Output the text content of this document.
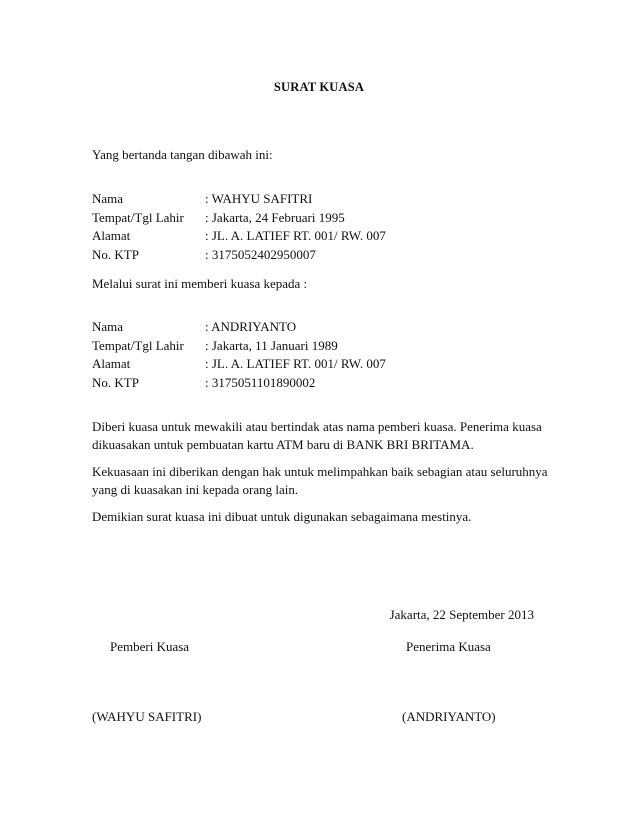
SURAT KUASA
Yang bertanda tangan dibawah ini:
Nama	: WAHYU SAFITRI
Tempat/Tgl Lahir	: Jakarta, 24 Februari 1995
Alamat	: JL. A. LATIEF RT. 001/ RW. 007
No. KTP	: 3175052402950007
Melalui surat ini memberi kuasa kepada :
Nama	: ANDRIYANTO
Tempat/Tgl Lahir	: Jakarta, 11 Januari 1989
Alamat	: JL. A. LATIEF RT. 001/ RW. 007
No. KTP	: 3175051101890002
Diberi kuasa untuk mewakili atau bertindak atas nama pemberi kuasa. Penerima kuasa dikuasakan untuk pembuatan kartu ATM baru di BANK BRI BRITAMA.
Kekuasaan ini diberikan dengan hak untuk melimpahkan baik sebagian atau seluruhnya yang di kuasakan ini kepada orang lain.
Demikian surat kuasa ini dibuat untuk digunakan sebagaimana mestinya.
Jakarta, 22 September 2013
Pemberi Kuasa	Penerima Kuasa
(WAHYU SAFITRI)	(ANDRIYANTO)
